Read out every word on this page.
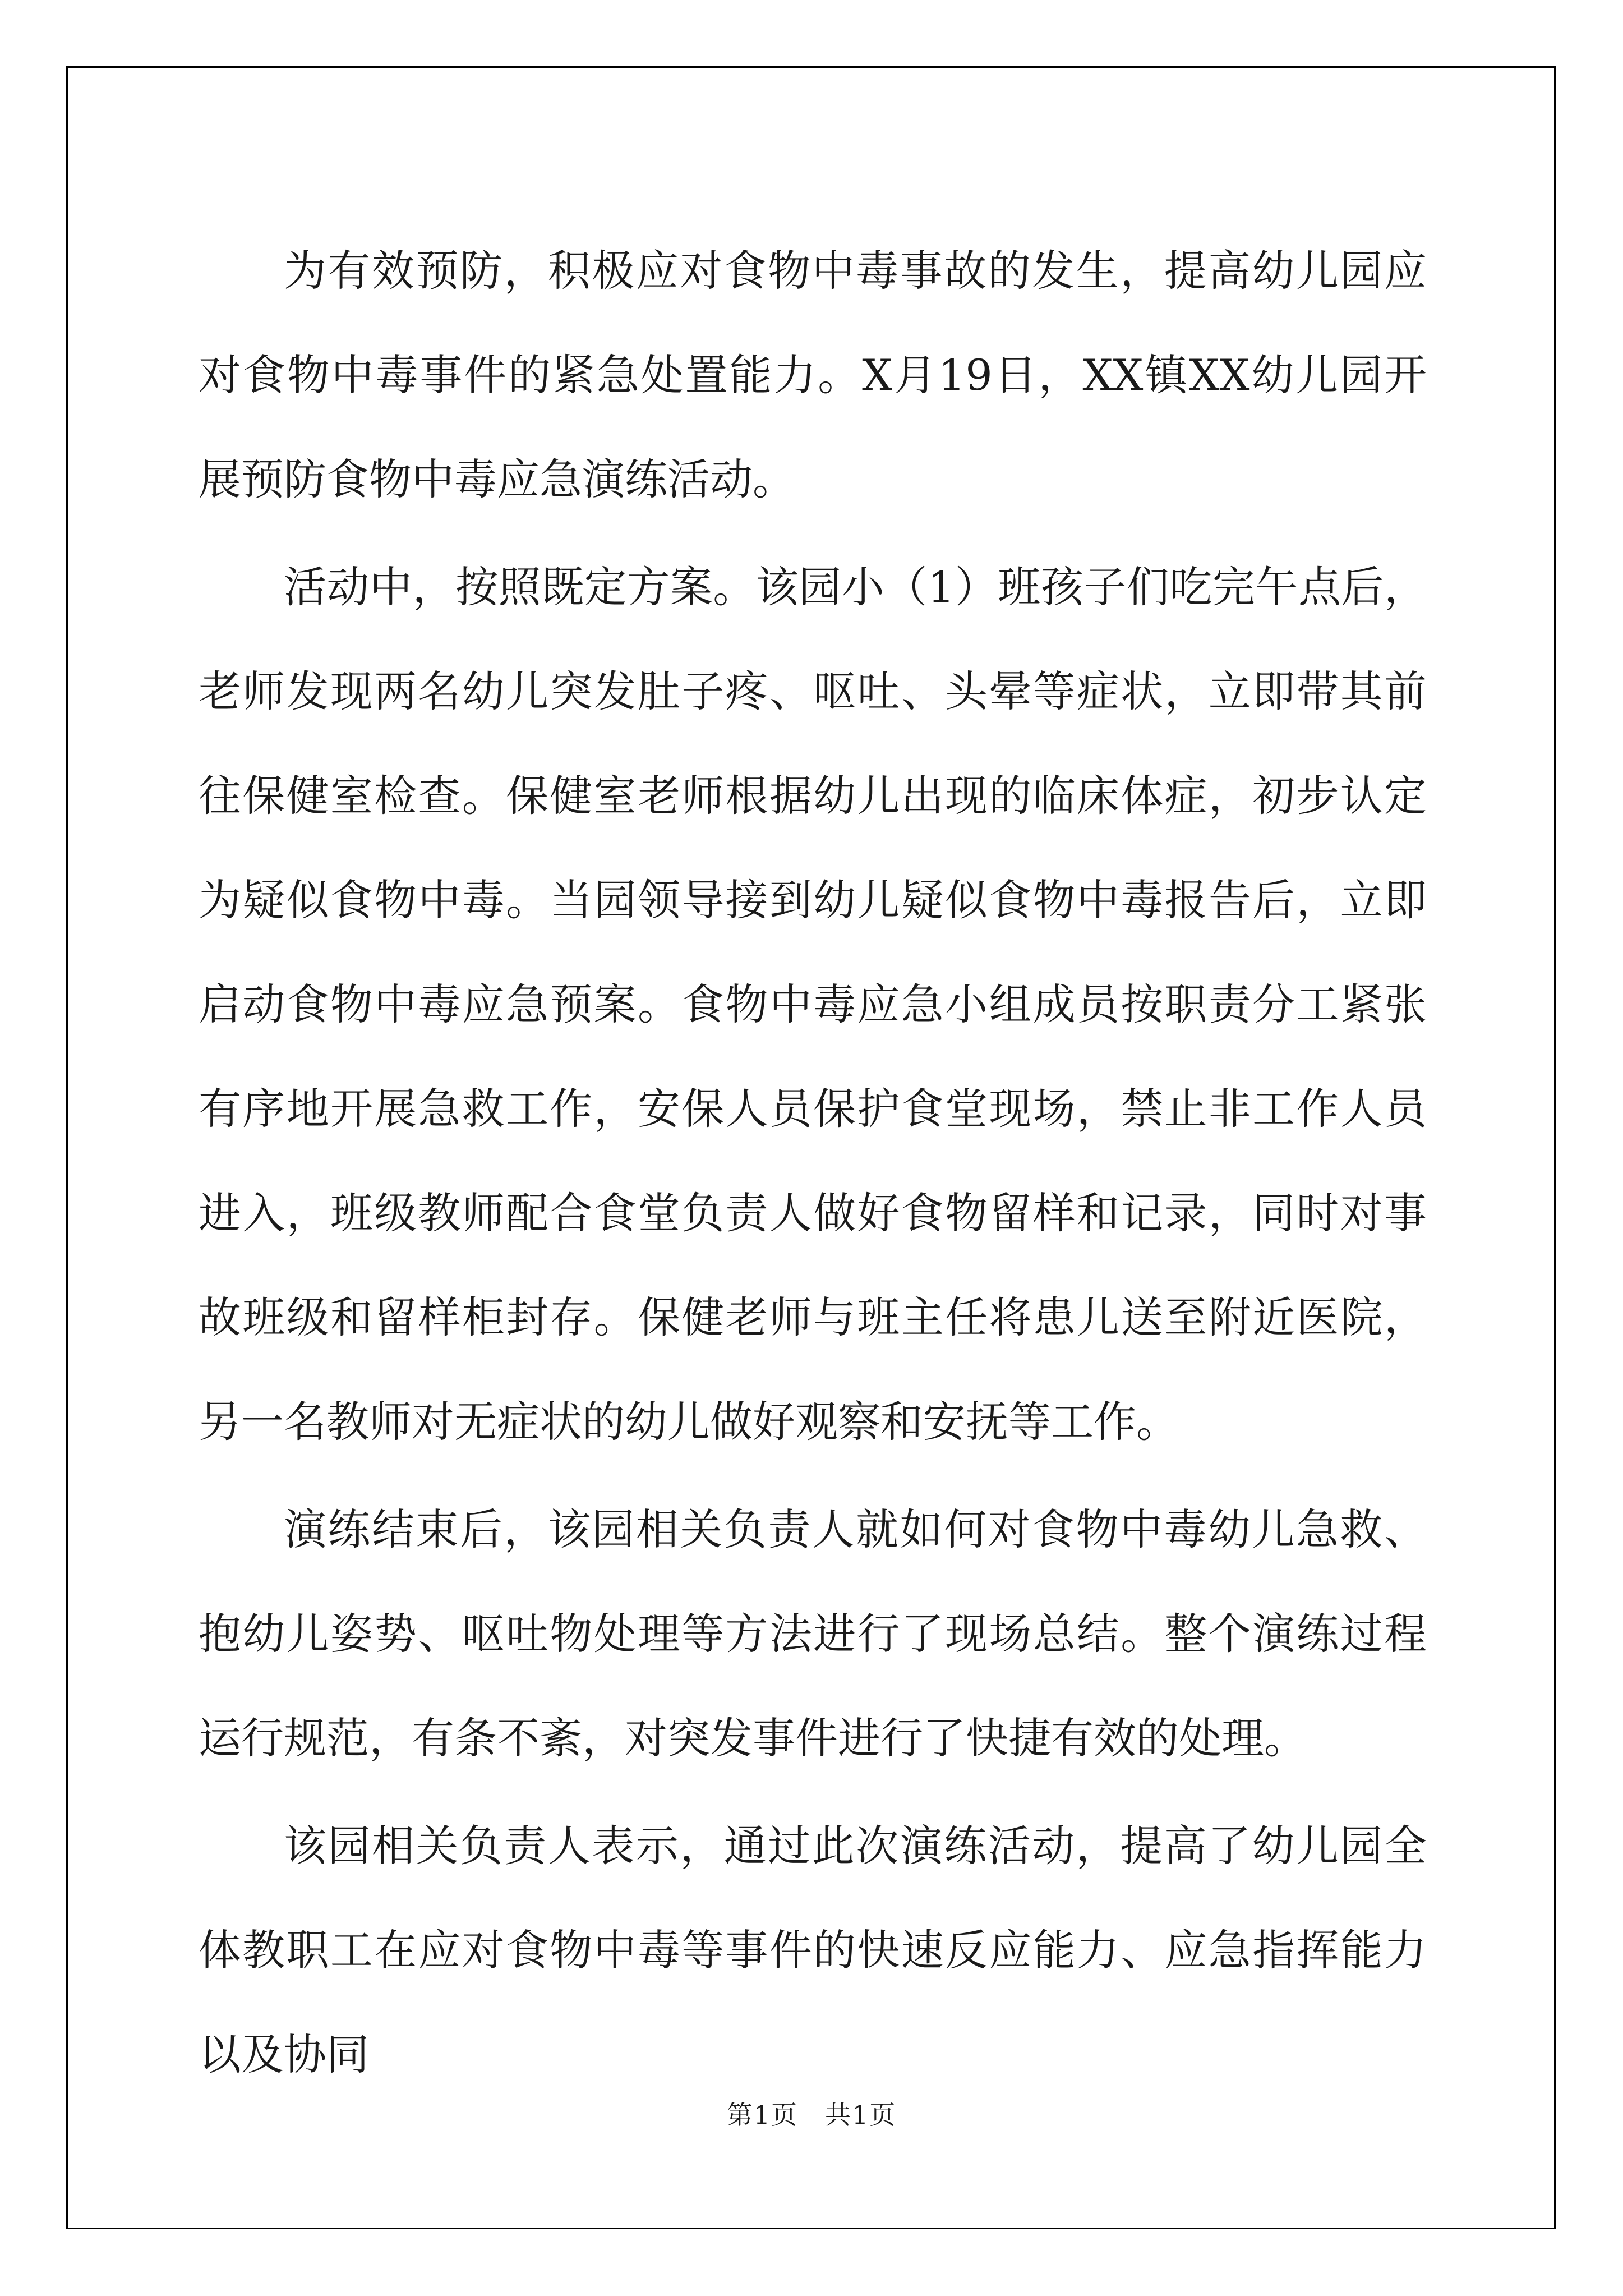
为有效预防，积极应对食物中毒事故的发生，提高幼儿园应对食物中毒事件的紧急处置能力。X月19日，XX镇XX幼儿园开展预防食物中毒应急演练活动。

活动中，按照既定方案。该园小（1）班孩子们吃完午点后，老师发现两名幼儿突发肚子疼、呕吐、头晕等症状，立即带其前往保健室检查。保健室老师根据幼儿出现的临床体症，初步认定为疑似食物中毒。当园领导接到幼儿疑似食物中毒报告后，立即启动食物中毒应急预案。食物中毒应急小组成员按职责分工紧张有序地开展急救工作，安保人员保护食堂现场，禁止非工作人员进入，班级教师配合食堂负责人做好食物留样和记录，同时对事故班级和留样柜封存。保健老师与班主任将患儿送至附近医院，另一名教师对无症状的幼儿做好观察和安抚等工作。

演练结束后，该园相关负责人就如何对食物中毒幼儿急救、抱幼儿姿势、呕吐物处理等方法进行了现场总结。整个演练过程运行规范，有条不紊，对突发事件进行了快捷有效的处理。

该园相关负责人表示，通过此次演练活动，提高了幼儿园全体教职工在应对食物中毒等事件的快速反应能力、应急指挥能力以及协同

第1页　共1页
